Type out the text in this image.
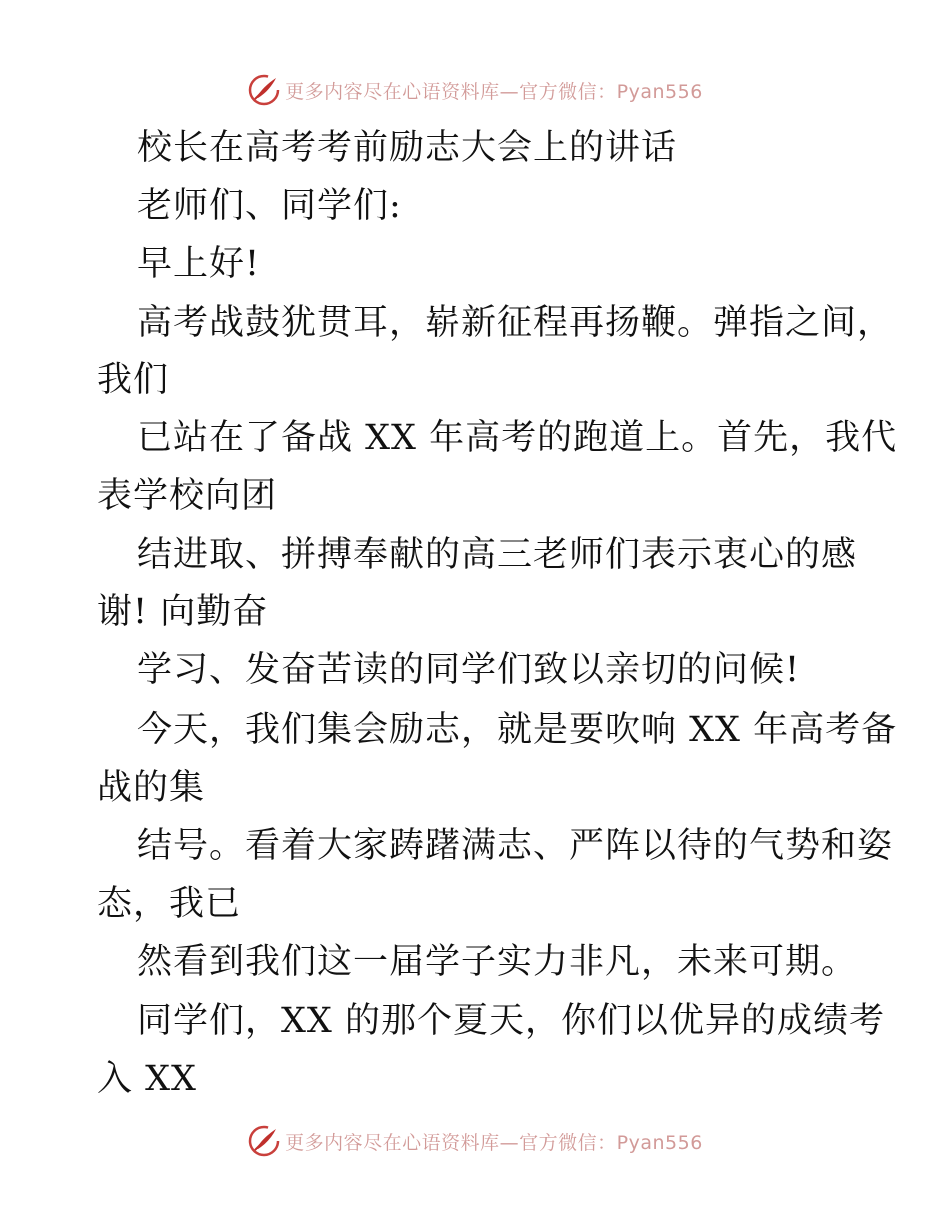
更多内容尽在心语资料库—官方微信：Pyan556
校长在高考考前励志大会上的讲话
老师们、同学们:
早上好!
高考战鼓犹贯耳，崭新征程再扬鞭。弹指之间，
我们
已站在了备战 XX 年高考的跑道上。首先，我代
表学校向团
结进取、拼搏奉献的高三老师们表示衷心的感
谢! 向勤奋
学习、发奋苦读的同学们致以亲切的问候!
今天，我们集会励志，就是要吹响 XX 年高考备
战的集
结号。看着大家踌躇满志、严阵以待的气势和姿
态，我已
然看到我们这一届学子实力非凡，未来可期。
同学们，XX 的那个夏天，你们以优异的成绩考
入 XX
更多内容尽在心语资料库—官方微信：Pyan556
